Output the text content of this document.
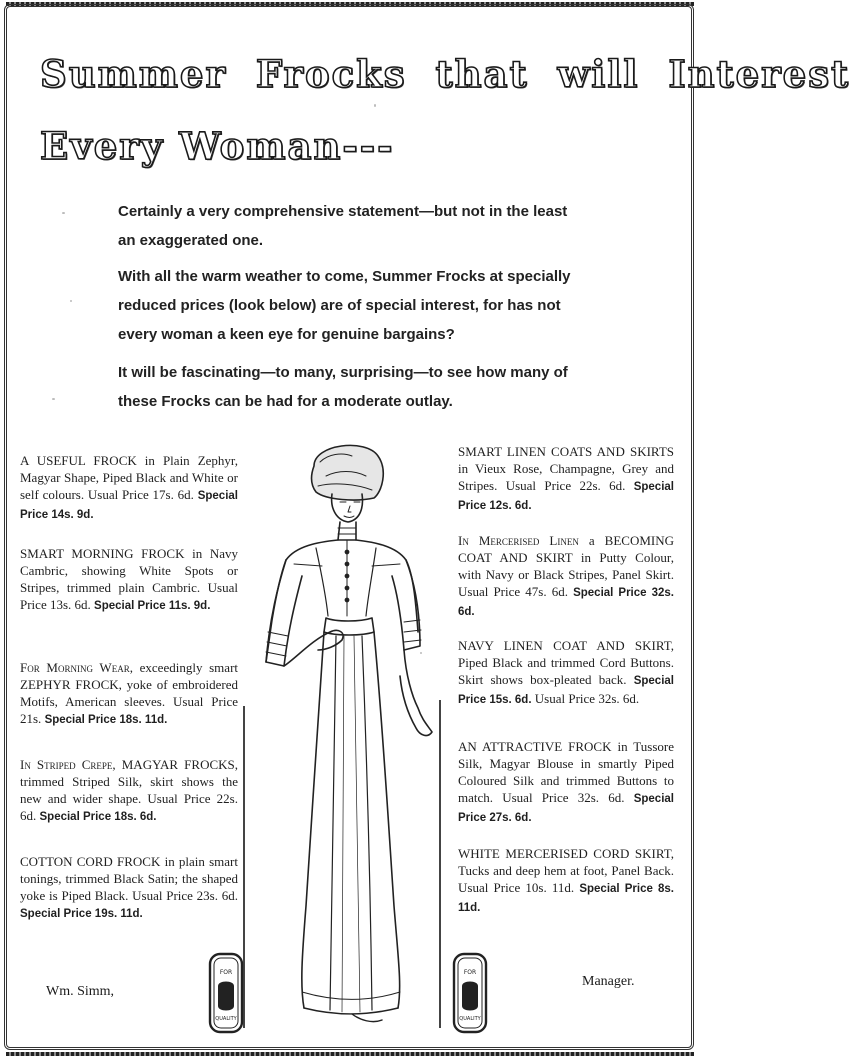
Summer Frocks that will Interest
Every Woman---
Certainly a very comprehensive statement—but not in the least an exaggerated one.
With all the warm weather to come, Summer Frocks at specially reduced prices (look below) are of special interest, for has not every woman a keen eye for genuine bargains?
It will be fascinating—to many, surprising—to see how many of these Frocks can be had for a moderate outlay.
A USEFUL FROCK in Plain Zephyr, Magyar Shape, Piped Black and White or self colours. Usual Price 17s. 6d. Special Price 14s. 9d.
SMART MORNING FROCK in Navy Cambric, showing White Spots or Stripes, trimmed plain Cambric. Usual Price 13s. 6d. Special Price 11s. 9d.
For Morning Wear, exceedingly smart ZEPHYR FROCK, yoke of embroidered Motifs, American sleeves. Usual Price 21s. Special Price 18s. 11d.
In Striped Crepe, MAGYAR FROCKS, trimmed Striped Silk, skirt shows the new and wider shape. Usual Price 22s. 6d. Special Price 18s. 6d.
COTTON CORD FROCK in plain smart tonings, trimmed Black Satin; the shaped yoke is Piped Black. Usual Price 23s. 6d. Special Price 19s. 11d.
SMART LINEN COATS AND SKIRTS in Vieux Rose, Champagne, Grey and Stripes. Usual Price 22s. 6d. Special Price 12s. 6d.
In Mercerised Linen a BECOMING COAT AND SKIRT in Putty Colour, with Navy or Black Stripes, Panel Skirt. Usual Price 47s. 6d. Special Price 32s. 6d.
NAVY LINEN COAT AND SKIRT, Piped Black and trimmed Cord Buttons. Skirt shows box-pleated back. Special Price 15s. 6d. Usual Price 32s. 6d.
AN ATTRACTIVE FROCK in Tussore Silk, Magyar Blouse in smartly Piped Coloured Silk and trimmed Buttons to match. Usual Price 32s. 6d. Special Price 27s. 6d.
WHITE MERCERISED CORD SKIRT, Tucks and deep hem at foot, Panel Back. Usual Price 10s. 11d. Special Price 8s. 11d.
FOR
QUALITY
FOR
QUALITY
Wm. Simm,
Manager.
